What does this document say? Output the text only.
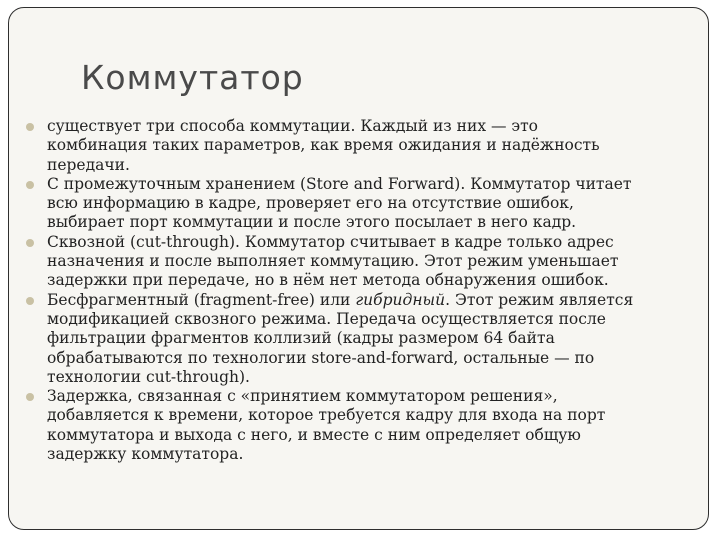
Коммутатор
существует три способа коммутации. Каждый из них — это
комбинация таких параметров, как время ожидания и надёжность
передачи.
С промежуточным хранением (Store and Forward). Коммутатор читает
всю информацию в кадре, проверяет его на отсутствие ошибок,
выбирает порт коммутации и после этого посылает в него кадр.
Сквозной (cut-through). Коммутатор считывает в кадре только адрес
назначения и после выполняет коммутацию. Этот режим уменьшает
задержки при передаче, но в нём нет метода обнаружения ошибок.
Бесфрагментный (fragment-free) или гибридный. Этот режим является
модификацией сквозного режима. Передача осуществляется после
фильтрации фрагментов коллизий (кадры размером 64 байта
обрабатываются по технологии store-and-forward, остальные — по
технологии cut-through).
Задержка, связанная с «принятием коммутатором решения»,
добавляется к времени, которое требуется кадру для входа на порт
коммутатора и выхода с него, и вместе с ним определяет общую
задержку коммутатора.
